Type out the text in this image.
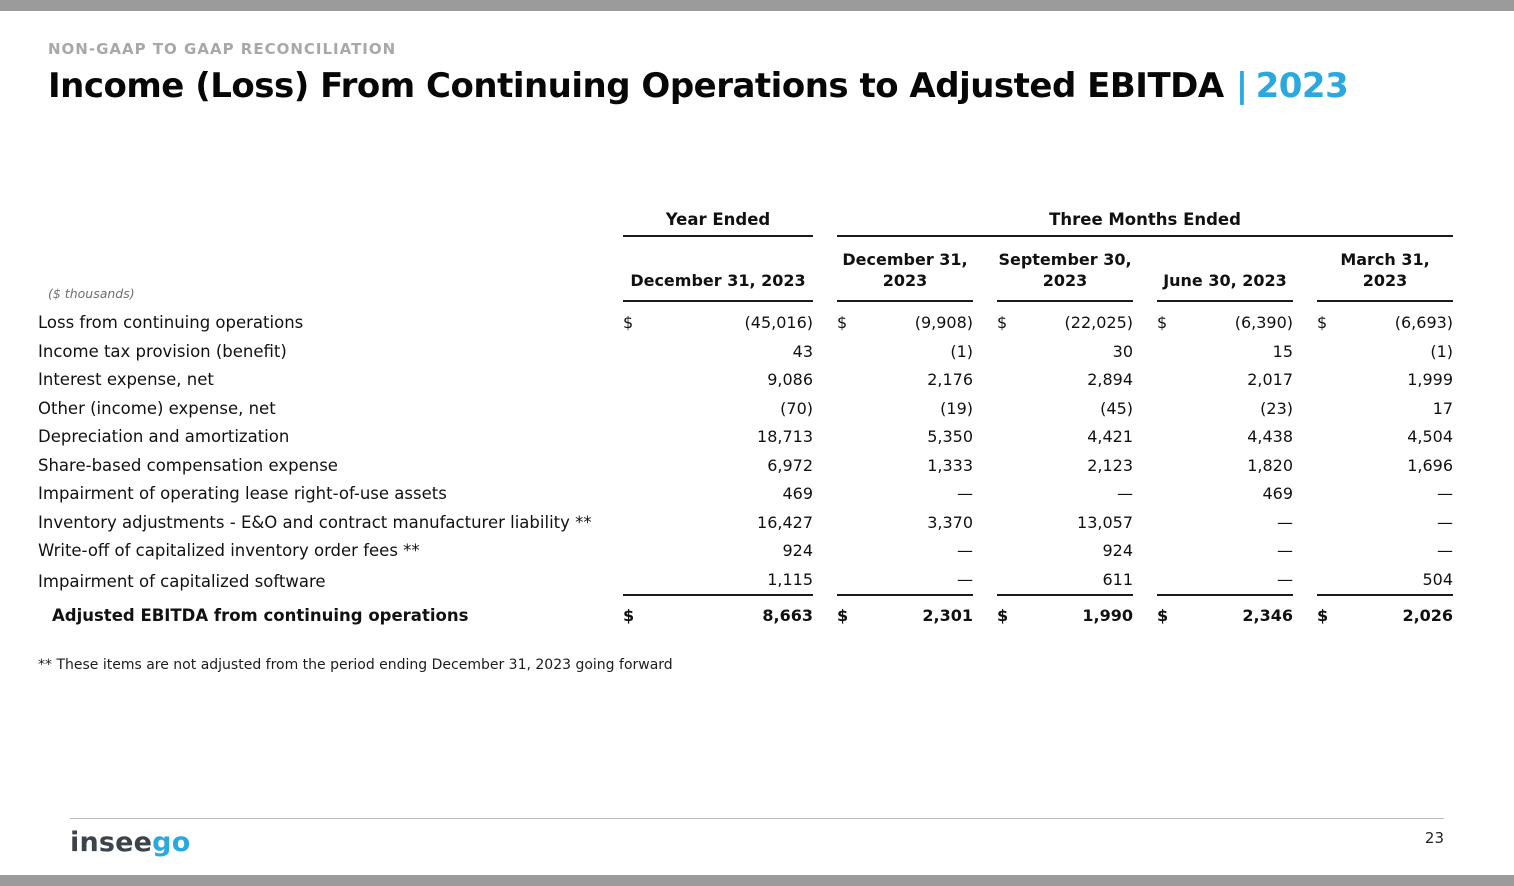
NON-GAAP TO GAAP RECONCILIATION
Income (Loss) From Continuing Operations to Adjusted EBITDA | 2023

	Year Ended	Three Months Ended			

($ thousands)	December 31, 2023	December 31, 2023	September 30, 2023	June 30, 2023	March 31, 2023

Loss from continuing operations	$ (45,016)	$ (9,908)	$ (22,025)	$ (6,390)	$ (6,693)

Income tax provision (benefit)	43	(1)	30	15	(1)

Interest expense, net	9,086	2,176	2,894	2,017	1,999

Other (income) expense, net	(70)	(19)	(45)	(23)	17

Depreciation and amortization	18,713	5,350	4,421	4,438	4,504

Share-based compensation expense	6,972	1,333	2,123	1,820	1,696

Impairment of operating lease right-of-use assets	469	—	—	469	—

Inventory adjustments - E&O and contract manufacturer liability **	16,427	3,370	13,057	—	—

Write-off of capitalized inventory order fees **	924	—	924	—	—

Impairment of capitalized software	1,115	—	611	—	504

Adjusted EBITDA from continuing operations	$ 8,663	$ 2,301	$ 1,990	$ 2,346	$ 2,026
** These items are not adjusted from the period ending December 31, 2023 going forward
inseego	23
